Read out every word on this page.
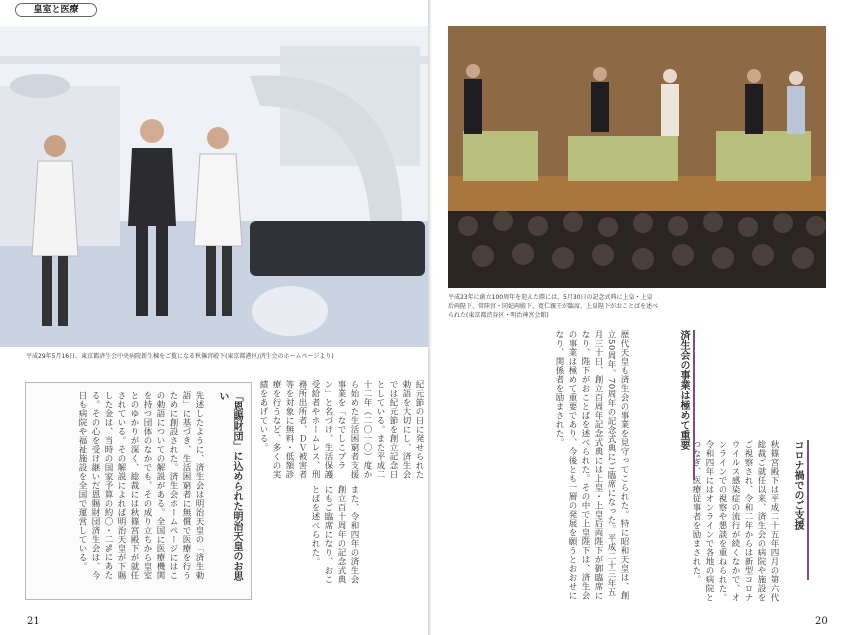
皇室と医療
平成29年5月16日、東京都済生会中央病院新生棟をご覧になる秋篠宮殿下(東京都港区/済生会のホームページより)
平成23年に創立100周年を迎えた際には、5月30日の記念式典に上皇・上皇后両陛下、常陸宮・同妃両殿下、寛仁親王が臨席、上皇陛下がおことばを述べられた(東京都渋谷区・明治神宮会館)
「恩賜財団」に込められた明治天皇のお思い
先述したように、済生会は明治天皇の「済生勅語」に基づき、生活困窮者に無償で医療を行うために創設された。済生会ホームページにはこの勅語についての解説がある。全国に医療機関を持つ団体のなかでも、その成り立ちから皇室とのゆかりが深く、総裁には秋篠宮殿下が就任されている。その解説によれば明治天皇が下賜した金は、当時の国家予算の約〇・二%にあたる。その心を受け継いだ恩賜財団済生会は、今日も病院や福祉施設を全国で運営している。	また、令和四年の済生会創立百十周年の記念式典にもご臨席になり、おことばを述べられた。
紀元節の日に発せられた勅語を大切にし、済生会では紀元節を創立記念日としている。また平成二十二年（二〇一〇）度から始めた生活困窮者支援事業を「なでしこプラン」と名づけ、生活保護受給者やホームレス、刑務所出所者、ＤＶ被害者等を対象に無料・低額診療を行うなど、多くの実績をあげている。
秋篠宮殿下は平成二十五年四月の第六代総裁ご就任以来、済生会の病院や施設をご視察され、令和二年からは新型コロナウイルス感染症の流行が続くなかで、オンラインでの視察や懇談を重ねられた。令和四年にはオンラインで各地の病院とつなぎ、医療従事者を励まされた。	コロナ禍でのご支援
歴代天皇も済生会の事業を見守ってこられた。特に昭和天皇は、創立50周年、70周年の記念式典にご臨席になった。平成二十三年五月三十日、創立百周年記念式典には上皇・上皇后両陛下が御臨席になり、陛下がおことばを述べられた。その中で上皇陛下は、済生会の事業は極めて重要であり、今後とも一層の発展を願うとおおせになり、関係者を励まされた。	済生会の事業は極めて重要
21	20
